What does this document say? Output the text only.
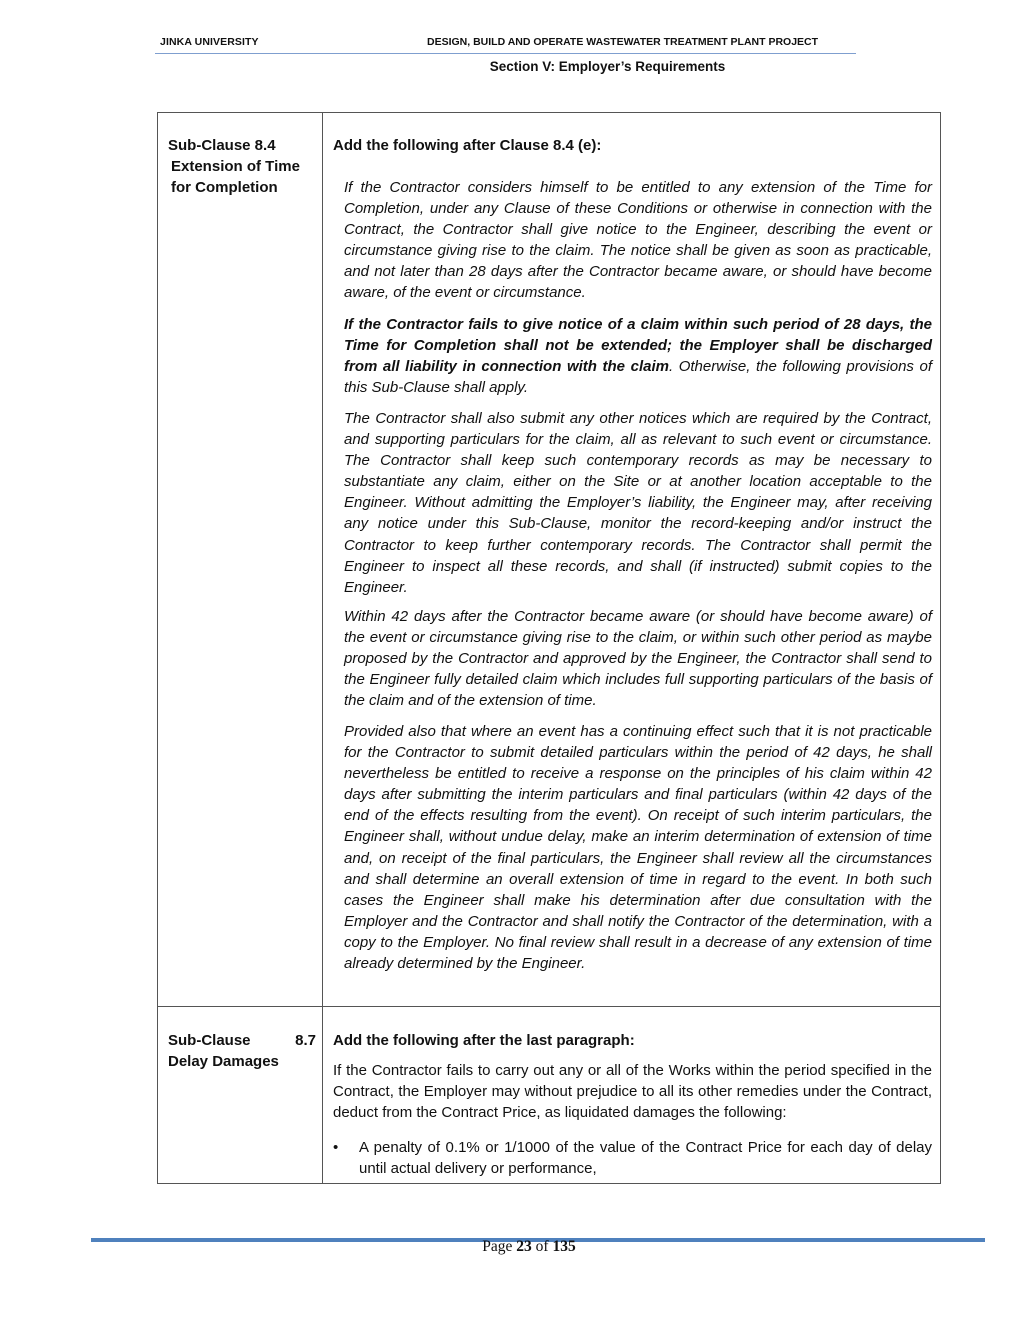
JINKA UNIVERSITY	DESIGN, BUILD AND OPERATE WASTEWATER TREATMENT PLANT PROJECT
Section V: Employer’s Requirements
Sub-Clause 8.4
Extension of Time
for Completion
Add the following after Clause 8.4 (e):
If the Contractor considers himself to be entitled to any extension of the Time for Completion, under any Clause of these Conditions or otherwise in connection with the Contract, the Contractor shall give notice to the Engineer, describing the event or circumstance giving rise to the claim. The notice shall be given as soon as practicable, and not later than 28 days after the Contractor became aware, or should have become aware, of the event or circumstance.
If the Contractor fails to give notice of a claim within such period of 28 days, the Time for Completion shall not be extended; the Employer shall be discharged from all liability in connection with the claim. Otherwise, the following provisions of this Sub-Clause shall apply.
The Contractor shall also submit any other notices which are required by the Contract, and supporting particulars for the claim, all as relevant to such event or circumstance. The Contractor shall keep such contemporary records as may be necessary to substantiate any claim, either on the Site or at another location acceptable to the Engineer. Without admitting the Employer’s liability, the Engineer may, after receiving any notice under this Sub-Clause, monitor the record-keeping and/or instruct the Contractor to keep further contemporary records. The Contractor shall permit the Engineer to inspect all these records, and shall (if instructed) submit copies to the Engineer.
Within 42 days after the Contractor became aware (or should have become aware) of the event or circumstance giving rise to the claim, or within such other period as maybe proposed by the Contractor and approved by the Engineer, the Contractor shall send to the Engineer fully detailed claim which includes full supporting particulars of the basis of the claim and of the extension of time.
Provided also that where an event has a continuing effect such that it is not practicable for the Contractor to submit detailed particulars within the period of 42 days, he shall nevertheless be entitled to receive a response on the principles of his claim within 42 days after submitting the interim particulars and final particulars (within 42 days of the end of the effects resulting from the event). On receipt of such interim particulars, the Engineer shall, without undue delay, make an interim determination of extension of time and, on receipt of the final particulars, the Engineer shall review all the circumstances and shall determine an overall extension of time in regard to the event. In both such cases the Engineer shall make his determination after due consultation with the Employer and the Contractor and shall notify the Contractor of the determination, with a copy to the Employer. No final review shall result in a decrease of any extension of time already determined by the Engineer.
Sub-Clause	8.7
Delay Damages
Add the following after the last paragraph:
If the Contractor fails to carry out any or all of the Works within the period specified in the Contract, the Employer may without prejudice to all its other remedies under the Contract, deduct from the Contract Price, as liquidated damages the following:
• A penalty of 0.1% or 1/1000 of the value of the Contract Price for each day of delay until actual delivery or performance,
Page 23 of 135
